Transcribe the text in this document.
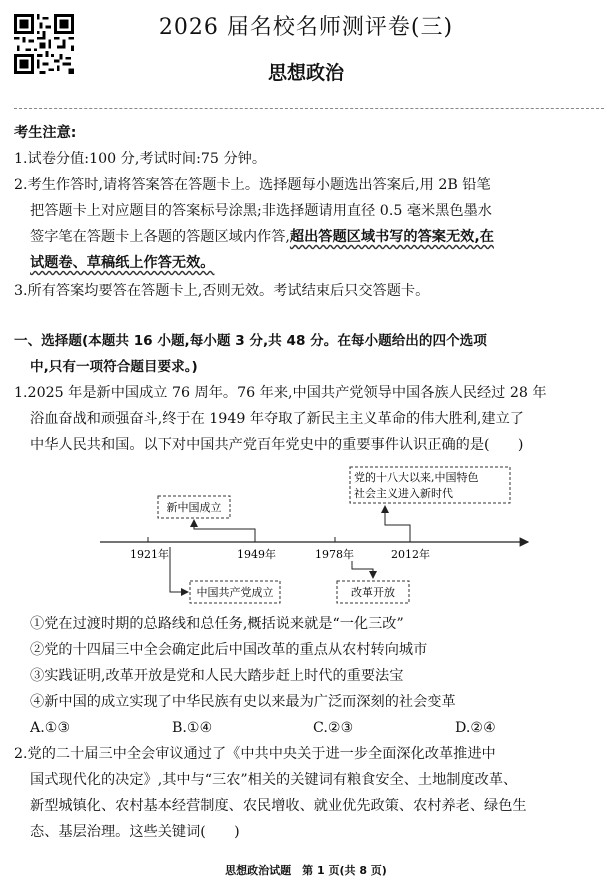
2026 届名校名师测评卷(三)
思想政治
考生注意:
1.试卷分值:100 分,考试时间:75 分钟。
2.考生作答时,请将答案答在答题卡上。选择题每小题选出答案后,用 2B 铅笔
把答题卡上对应题目的答案标号涂黑;非选择题请用直径 0.5 毫米黑色墨水
签字笔在答题卡上各题的答题区域内作答,超出答题区域书写的答案无效,在
试题卷、草稿纸上作答无效。
3.所有答案均要答在答题卡上,否则无效。考试结束后只交答题卡。
一、选择题(本题共 16 小题,每小题 3 分,共 48 分。在每小题给出的四个选项
中,只有一项符合题目要求。)
1.2025 年是新中国成立 76 周年。76 年来,中国共产党领导中国各族人民经过 28 年
浴血奋战和顽强奋斗,终于在 1949 年夺取了新民主主义革命的伟大胜利,建立了
中华人民共和国。以下对中国共产党百年党史中的重要事件认识正确的是(　　)
1921年	1949年	1978年	2012年
新中国成立
中国共产党成立	改革开放
党的十八大以来,中国特色
社会主义进入新时代
①党在过渡时期的总路线和总任务,概括说来就是“一化三改”
②党的十四届三中全会确定此后中国改革的重点从农村转向城市
③实践证明,改革开放是党和人民大踏步赶上时代的重要法宝
④新中国的成立实现了中华民族有史以来最为广泛而深刻的社会变革
A.①③	B.①④	C.②③	D.②④
2.党的二十届三中全会审议通过了《中共中央关于进一步全面深化改革推进中
国式现代化的决定》,其中与“三农”相关的关键词有粮食安全、土地制度改革、
新型城镇化、农村基本经营制度、农民增收、就业优先政策、农村养老、绿色生
态、基层治理。这些关键词(　　)
思想政治试题　第 1 页(共 8 页)
